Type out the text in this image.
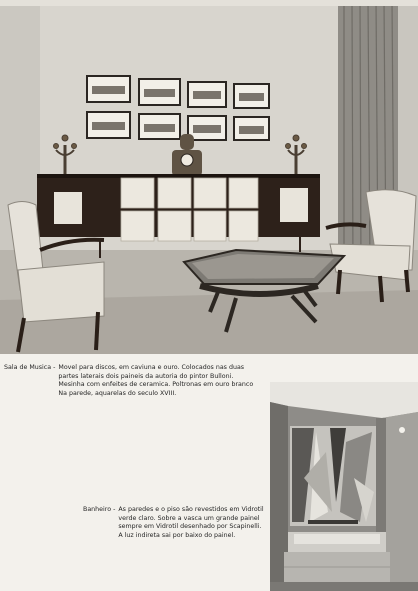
Sala de Musica - Movel para discos, em caviuna e ouro. Colocados nas duas
partes laterais dois paineis da autoria do pintor Bulloni.
Mesinha com enfeites de ceramica. Poltronas em ouro branco
Na parede, aquarelas do seculo XVIII.
Banheiro - As paredes e o piso são revestidos em Vidrotil
verde claro. Sobre a vasca um grande painel
sempre em Vidrotil desenhado por Scapinelli.
A luz indireta sai por baixo do painel.
